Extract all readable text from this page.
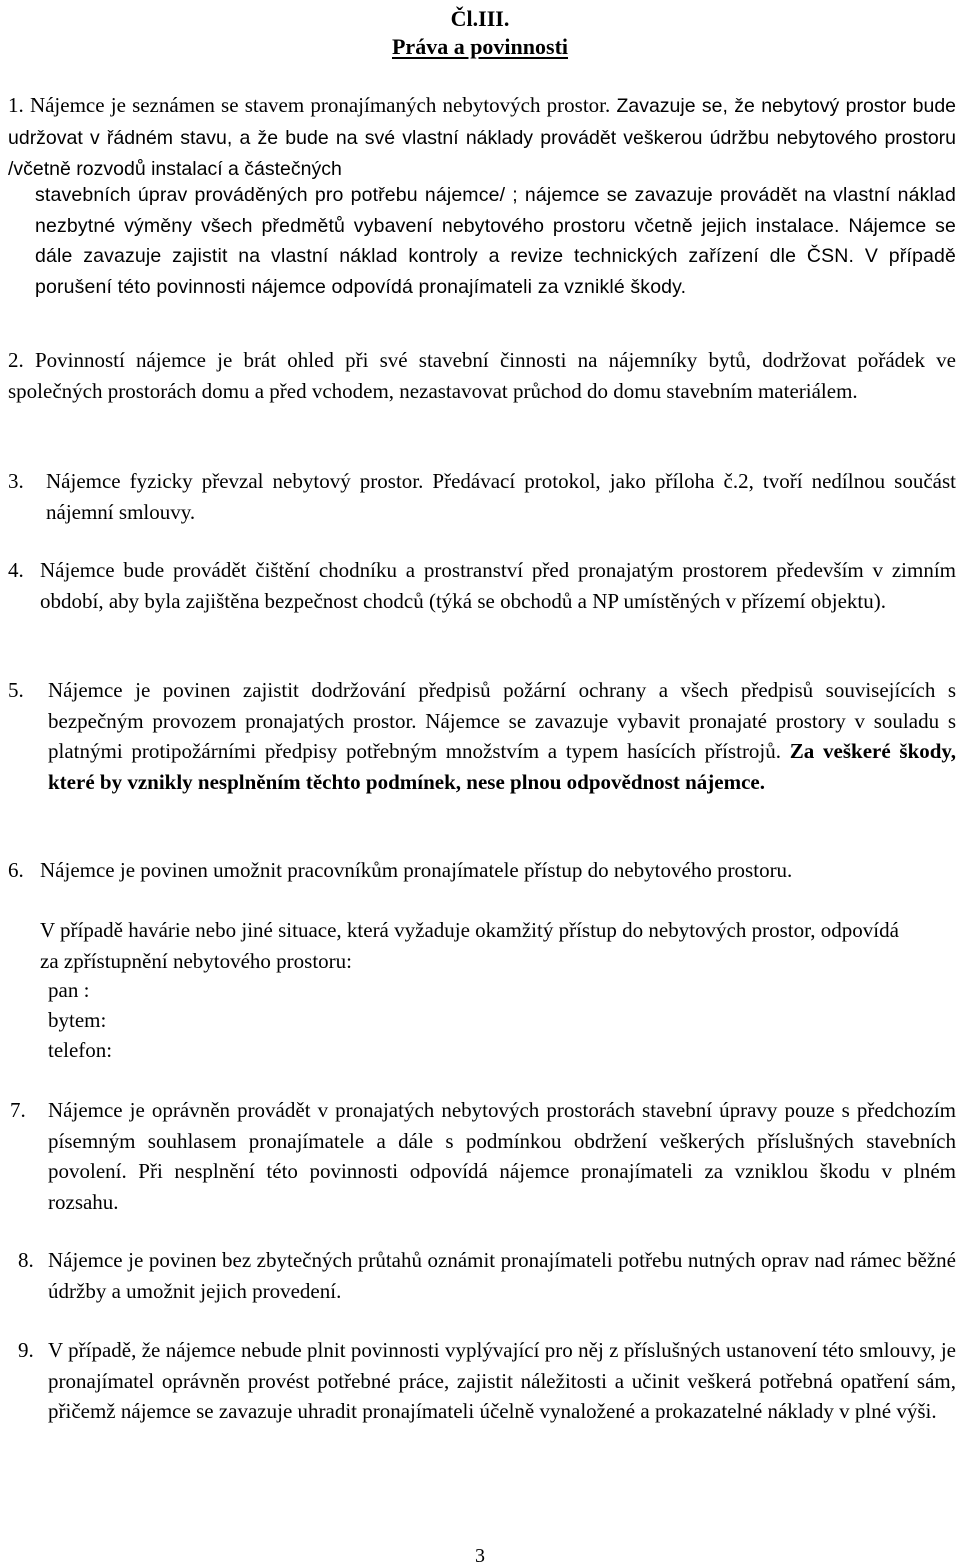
Čl.III.
Práva a povinnosti
1. Nájemce je seznámen se stavem pronajímaných nebytových prostor. Zavazuje se, že nebytový prostor bude udržovat v řádném stavu, a že bude na své vlastní náklady provádět veškerou údržbu nebytového prostoru /včetně rozvodů instalací a částečných
stavebních úprav prováděných pro potřebu nájemce/ ; nájemce se zavazuje provádět na vlastní náklad nezbytné výměny všech předmětů vybavení nebytového prostoru včetně jejich instalace. Nájemce se dále zavazuje zajistit na vlastní náklad kontroly a revize technických zařízení dle ČSN. V případě porušení této povinnosti nájemce odpovídá pronajímateli za vzniklé škody.
2. Povinností nájemce je brát ohled při své stavební činnosti na nájemníky bytů, dodržovat pořádek ve společných prostorách domu a před vchodem, nezastavovat průchod do domu stavebním materiálem.
3. Nájemce fyzicky převzal nebytový prostor. Předávací protokol, jako příloha č.2, tvoří nedílnou součást nájemní smlouvy.
4. Nájemce bude provádět čištění chodníku a prostranství před pronajatým prostorem především v zimním období, aby byla zajištěna bezpečnost chodců (týká se obchodů a NP umístěných v přízemí objektu).
5. Nájemce je povinen zajistit dodržování předpisů požární ochrany a všech předpisů souvisejících s bezpečným provozem pronajatých prostor. Nájemce se zavazuje vybavit pronajaté prostory v souladu s platnými protipožárními předpisy potřebným množstvím a typem hasících přístrojů. Za veškeré škody, které by vznikly nesplněním těchto podmínek, nese plnou odpovědnost nájemce.
6. Nájemce je povinen umožnit pracovníkům pronajímatele přístup do nebytového prostoru.
V případě havárie nebo jiné situace, která vyžaduje okamžitý přístup do nebytových prostor, odpovídá za zpřístupnění nebytového prostoru:
pan :
bytem:
telefon:
7. Nájemce je oprávněn provádět v pronajatých nebytových prostorách stavební úpravy pouze s předchozím písemným souhlasem pronajímatele a dále s podmínkou obdržení veškerých příslušných stavebních povolení. Při nesplnění této povinnosti odpovídá nájemce pronajímateli za vzniklou škodu v plném rozsahu.
8. Nájemce je povinen bez zbytečných průtahů oznámit pronajímateli potřebu nutných oprav nad rámec běžné údržby a umožnit jejich provedení.
9. V případě, že nájemce nebude plnit povinnosti vyplývající pro něj z příslušných ustanovení této smlouvy, je pronajímatel oprávněn provést potřebné práce, zajistit náležitosti a učinit veškerá potřebná opatření sám, přičemž nájemce se zavazuje uhradit pronajímateli účelně vynaložené a prokazatelné náklady v plné výši.
3
